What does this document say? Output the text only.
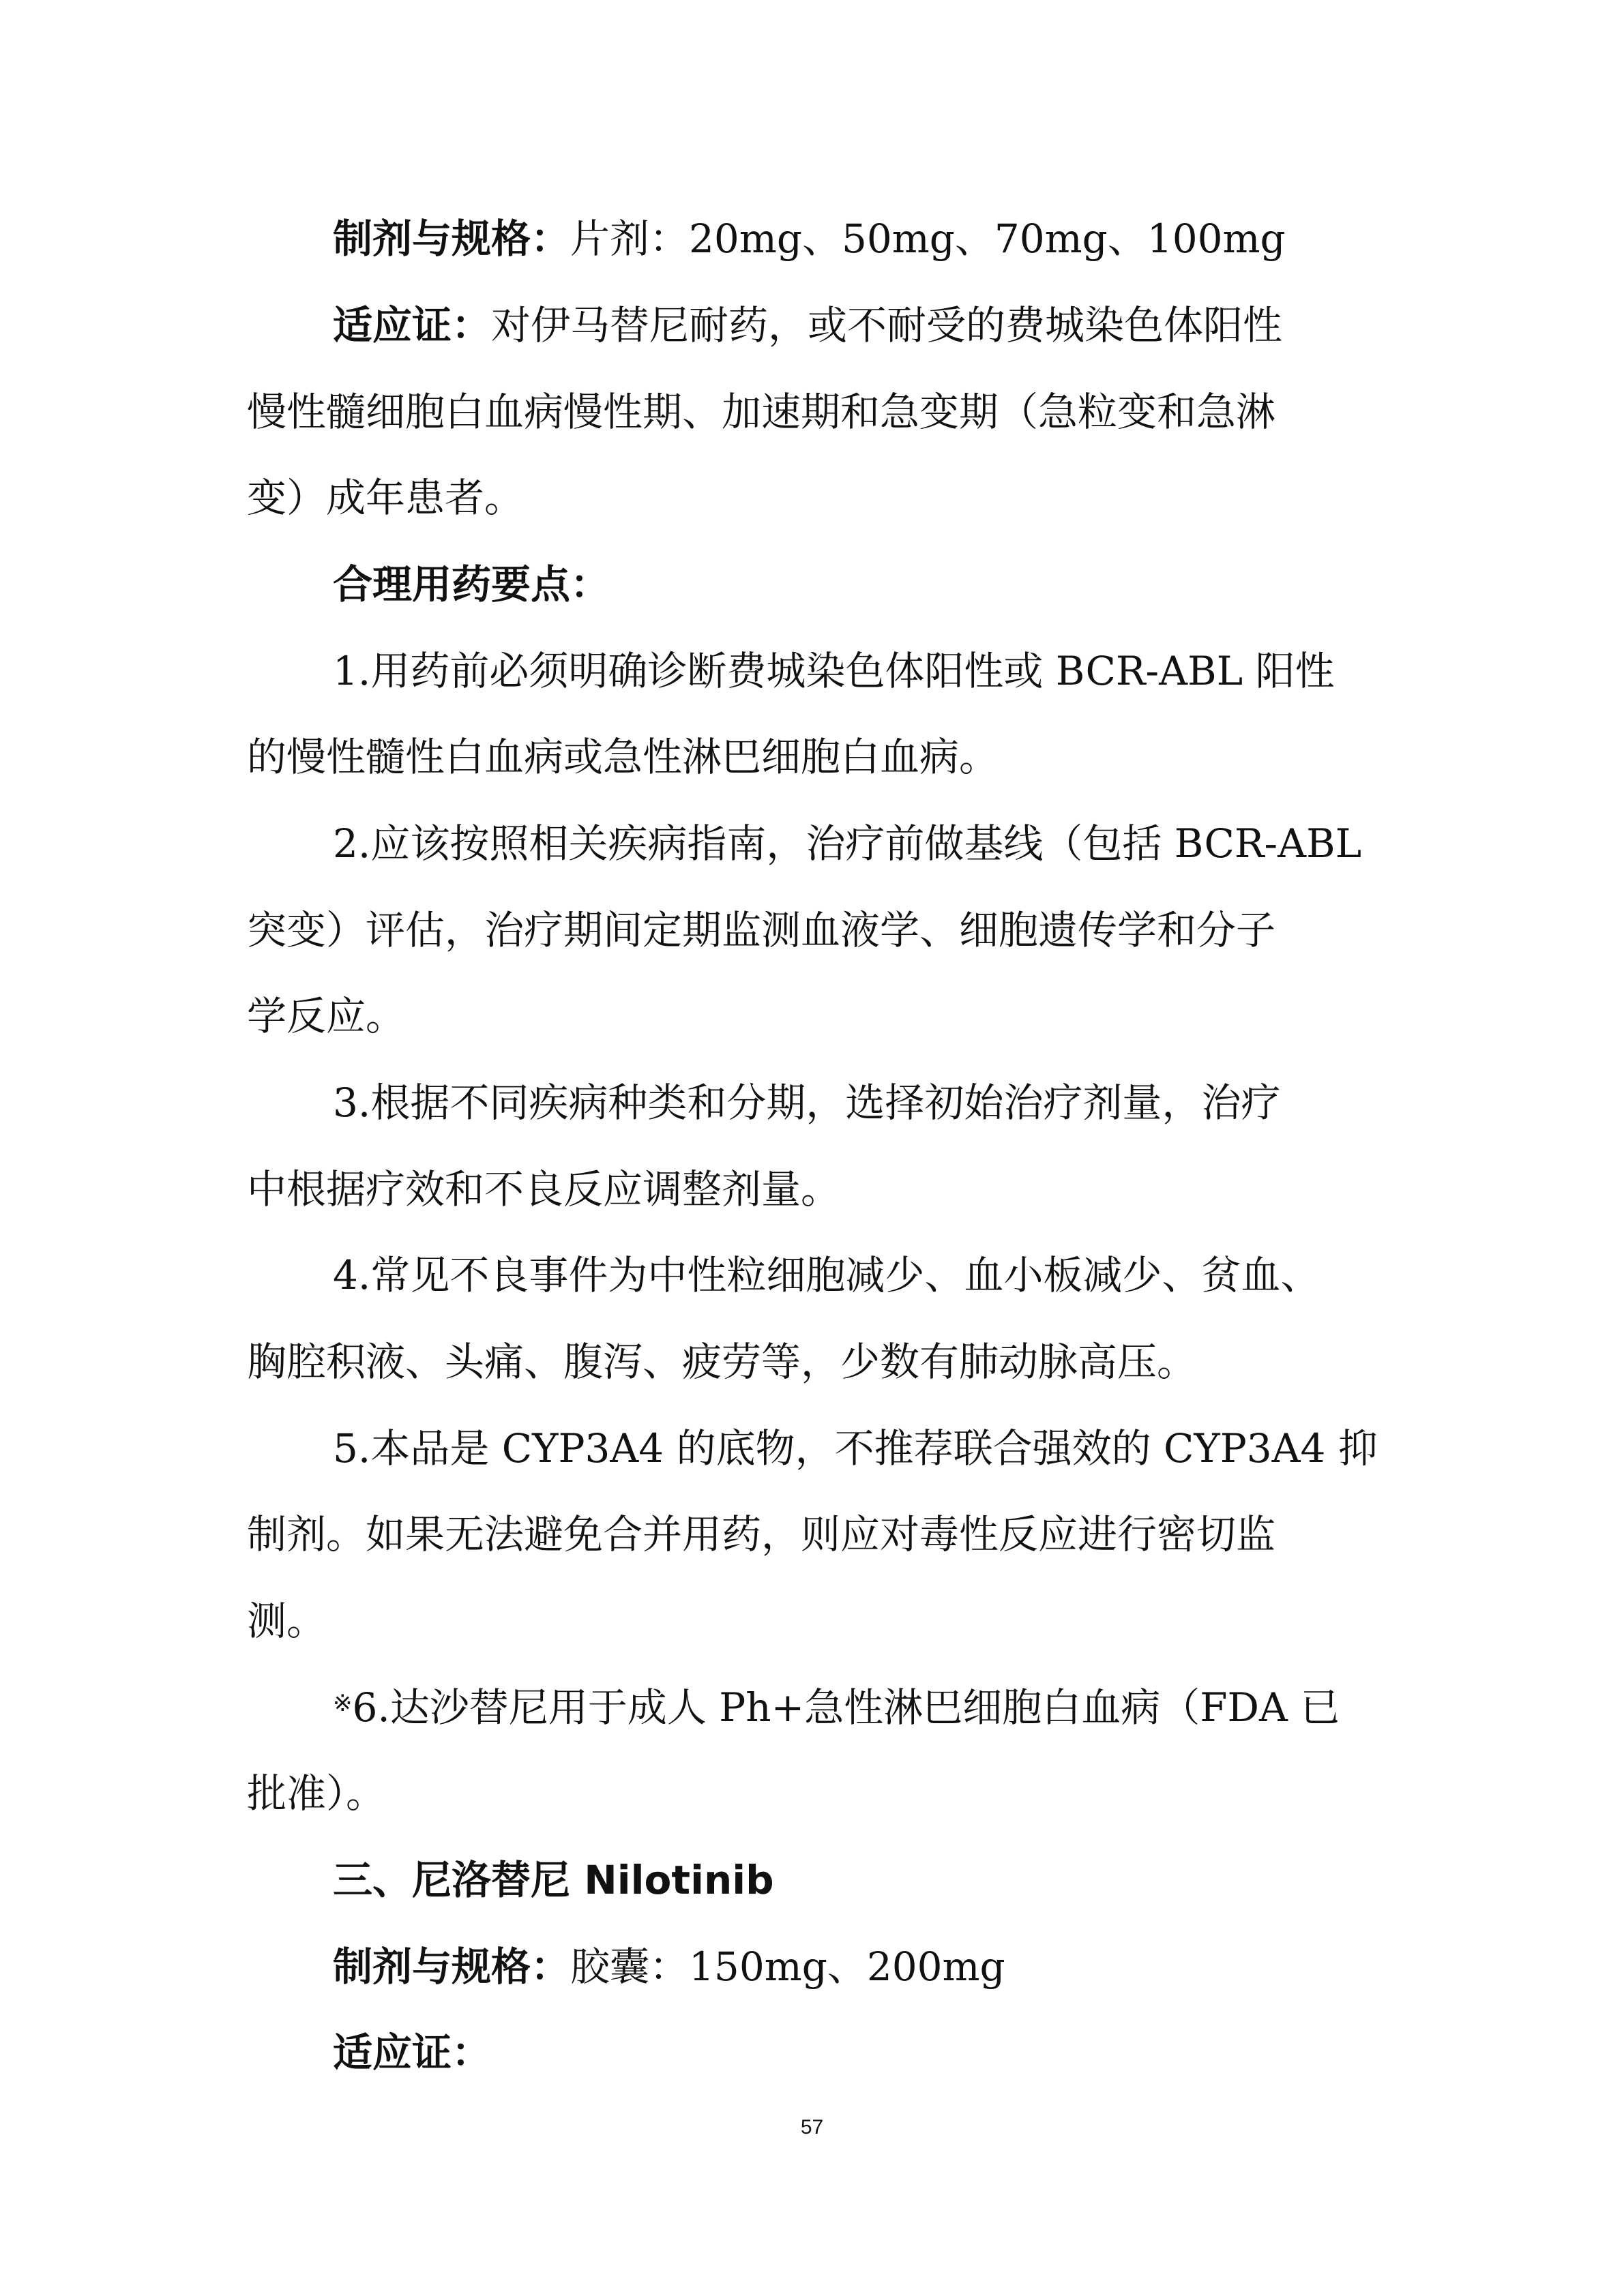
制剂与规格：片剂：20mg、50mg、70mg、100mg

适应证：对伊马替尼耐药，或不耐受的费城染色体阳性

慢性髓细胞白血病慢性期、加速期和急变期（急粒变和急淋

变）成年患者。

合理用药要点：

1.用药前必须明确诊断费城染色体阳性或 BCR-ABL 阳性

的慢性髓性白血病或急性淋巴细胞白血病。

2.应该按照相关疾病指南，治疗前做基线（包括 BCR-ABL

突变）评估，治疗期间定期监测血液学、细胞遗传学和分子

学反应。

3.根据不同疾病种类和分期，选择初始治疗剂量，治疗

中根据疗效和不良反应调整剂量。

4.常见不良事件为中性粒细胞减少、血小板减少、贫血、

胸腔积液、头痛、腹泻、疲劳等，少数有肺动脉高压。

5.本品是 CYP3A4 的底物，不推荐联合强效的 CYP3A4 抑

制剂。如果无法避免合并用药，则应对毒性反应进行密切监

测。

※6.达沙替尼用于成人 Ph+急性淋巴细胞白血病（FDA 已

批准）。

三、尼洛替尼 Nilotinib

制剂与规格：胶囊：150mg、200mg

适应证：

57
